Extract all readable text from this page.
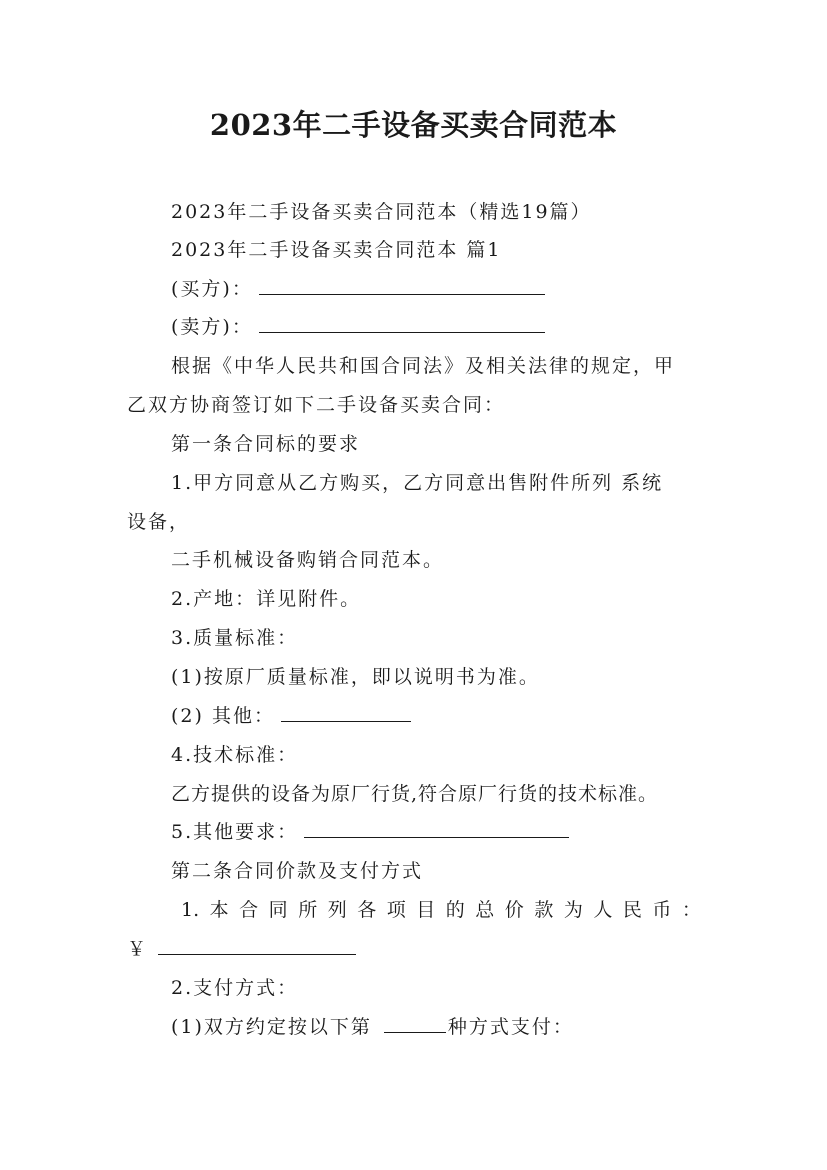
2023年二手设备买卖合同范本
2023年二手设备买卖合同范本（精选19篇）
2023年二手设备买卖合同范本 篇1
(买方)：
(卖方)：
根据《中华人民共和国合同法》及相关法律的规定，甲
乙双方协商签订如下二手设备买卖合同：
第一条合同标的要求
1.甲方同意从乙方购买，乙方同意出售附件所列 系统
设备，
二手机械设备购销合同范本。
2.产地：详见附件。
3.质量标准：
(1)按原厂质量标准，即以说明书为准。
(2) 其他：
4.技术标准：
乙方提供的设备为原厂行货,符合原厂行货的技术标准。
5.其他要求：
第二条合同价款及支付方式
1. 本 合 同 所 列 各 项 目 的 总 价 款 为 人 民 币 ：
￥
2.支付方式：
(1)双方约定按以下第	种方式支付：
